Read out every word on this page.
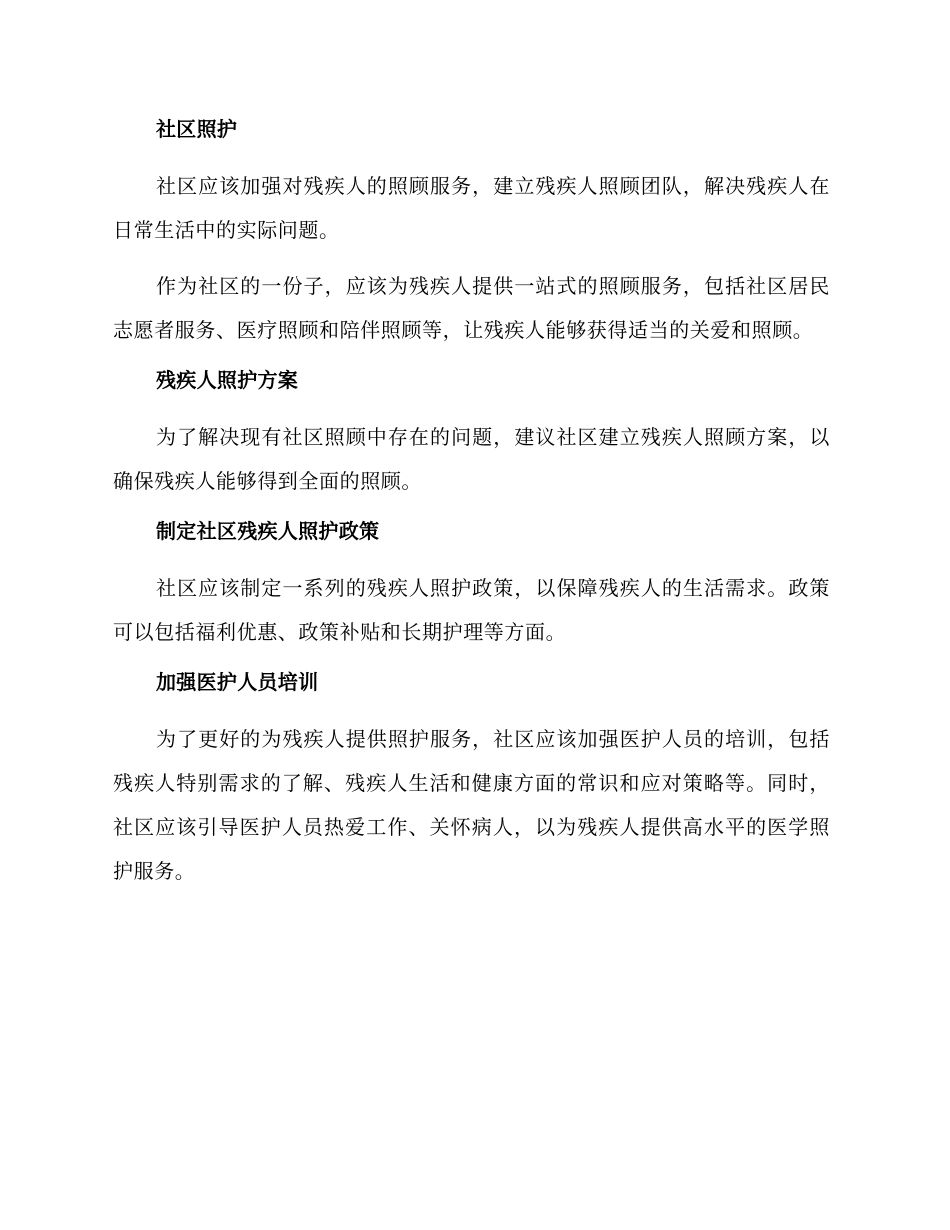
社区照护

社区应该加强对残疾人的照顾服务，建立残疾人照顾团队，解决残疾人在日常生活中的实际问题。

作为社区的一份子，应该为残疾人提供一站式的照顾服务，包括社区居民志愿者服务、医疗照顾和陪伴照顾等，让残疾人能够获得适当的关爱和照顾。

残疾人照护方案

为了解决现有社区照顾中存在的问题，建议社区建立残疾人照顾方案，以确保残疾人能够得到全面的照顾。

制定社区残疾人照护政策

社区应该制定一系列的残疾人照护政策，以保障残疾人的生活需求。政策可以包括福利优惠、政策补贴和长期护理等方面。

加强医护人员培训

为了更好的为残疾人提供照护服务，社区应该加强医护人员的培训，包括残疾人特别需求的了解、残疾人生活和健康方面的常识和应对策略等。同时，社区应该引导医护人员热爱工作、关怀病人，以为残疾人提供高水平的医学照护服务。
